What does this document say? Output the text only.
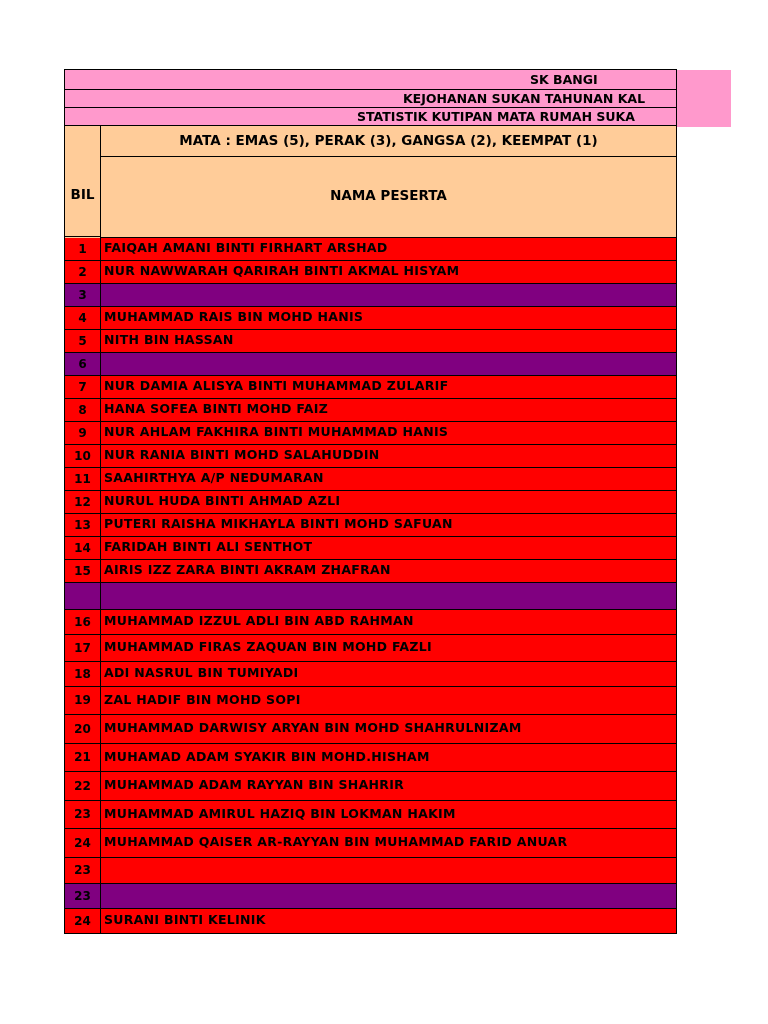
SK BANGI
KEJOHANAN SUKAN TAHUNAN KAL
STATISTIK KUTIPAN MATA RUMAH SUKA
BIL
MATA : EMAS (5), PERAK (3), GANGSA (2), KEEMPAT (1)
NAMA PESERTA
1	FAIQAH AMANI BINTI FIRHART ARSHAD
2	NUR NAWWARAH QARIRAH BINTI AKMAL HISYAM
3
4	MUHAMMAD RAIS BIN MOHD HANIS
5	NITH BIN HASSAN
6
7	NUR DAMIA ALISYA BINTI MUHAMMAD ZULARIF
8	HANA SOFEA BINTI MOHD FAIZ
9	NUR AHLAM FAKHIRA BINTI MUHAMMAD HANIS
10	NUR RANIA BINTI MOHD SALAHUDDIN
11	SAAHIRTHYA A/P NEDUMARAN
12	NURUL HUDA BINTI AHMAD AZLI
13	PUTERI RAISHA MIKHAYLA BINTI MOHD SAFUAN
14	FARIDAH BINTI ALI SENTHOT
15	AIRIS IZZ ZARA BINTI AKRAM ZHAFRAN
16	MUHAMMAD IZZUL ADLI BIN ABD RAHMAN
17	MUHAMMAD FIRAS ZAQUAN BIN MOHD FAZLI
18	ADI NASRUL BIN TUMIYADI
19	ZAL HADIF BIN MOHD SOPI
20	MUHAMMAD DARWISY ARYAN BIN MOHD SHAHRULNIZAM
21	MUHAMAD ADAM SYAKIR BIN MOHD.HISHAM
22	MUHAMMAD ADAM RAYYAN BIN SHAHRIR
23	MUHAMMAD AMIRUL HAZIQ BIN LOKMAN HAKIM
24	MUHAMMAD QAISER AR-RAYYAN BIN MUHAMMAD FARID ANUAR
23
23
24	SURANI BINTI KELINIK
